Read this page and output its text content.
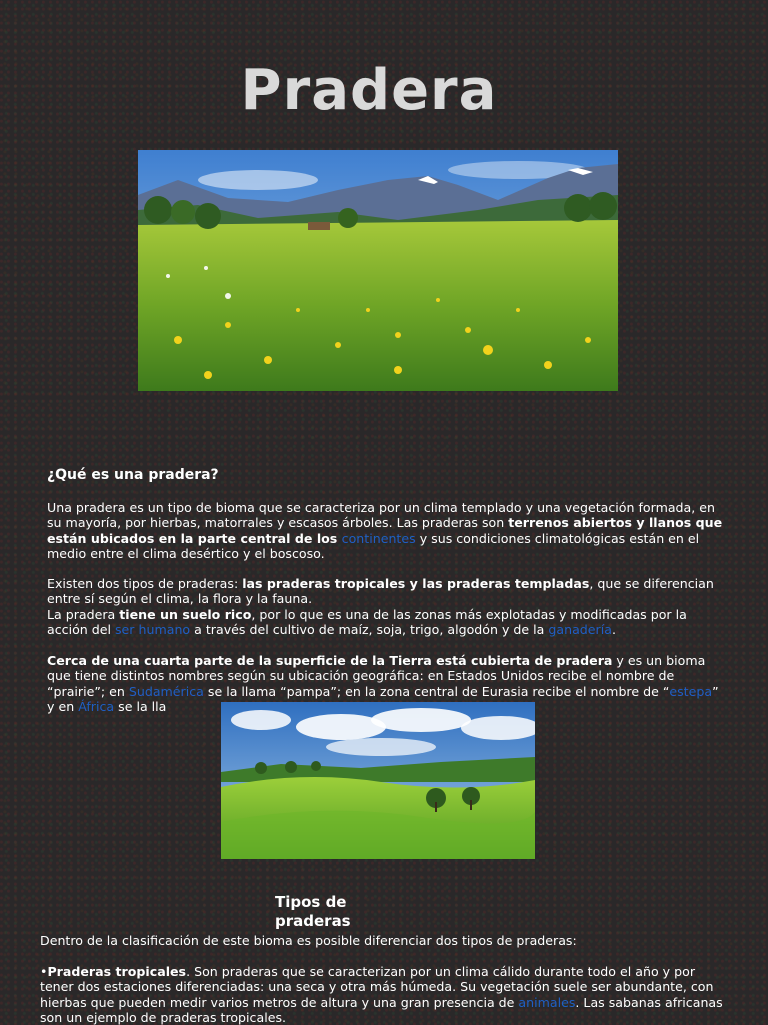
Pradera
¿Qué es una pradera?
Una pradera es un tipo de bioma que se caracteriza por un clima templado y una vegetación formada, en su mayoría, por hierbas, matorrales y escasos árboles. Las praderas son terrenos abiertos y llanos que están ubicados en la parte central de los continentes y sus condiciones climatológicas están en el medio entre el clima desértico y el boscoso.
Existen dos tipos de praderas: las praderas tropicales y las praderas templadas, que se diferencian entre sí según el clima, la flora y la fauna.
La pradera tiene un suelo rico, por lo que es una de las zonas más explotadas y modificadas por la acción del ser humano a través del cultivo de maíz, soja, trigo, algodón y de la ganadería.
Cerca de una cuarta parte de la superficie de la Tierra está cubierta de pradera y es un bioma que tiene distintos nombres según su ubicación geográfica: en Estados Unidos recibe el nombre de “prairie”; en Sudamérica se la llama “pampa”; en la zona central de Eurasia recibe el nombre de “estepa” y en África se la lla
Tipos de
praderas
Dentro de la clasificación de este bioma es posible diferenciar dos tipos de praderas:
•Praderas tropicales. Son praderas que se caracterizan por un clima cálido durante todo el año y por tener dos estaciones diferenciadas: una seca y otra más húmeda. Su vegetación suele ser abundante, con hierbas que pueden medir varios metros de altura y una gran presencia de animales. Las sabanas africanas son un ejemplo de praderas tropicales.
